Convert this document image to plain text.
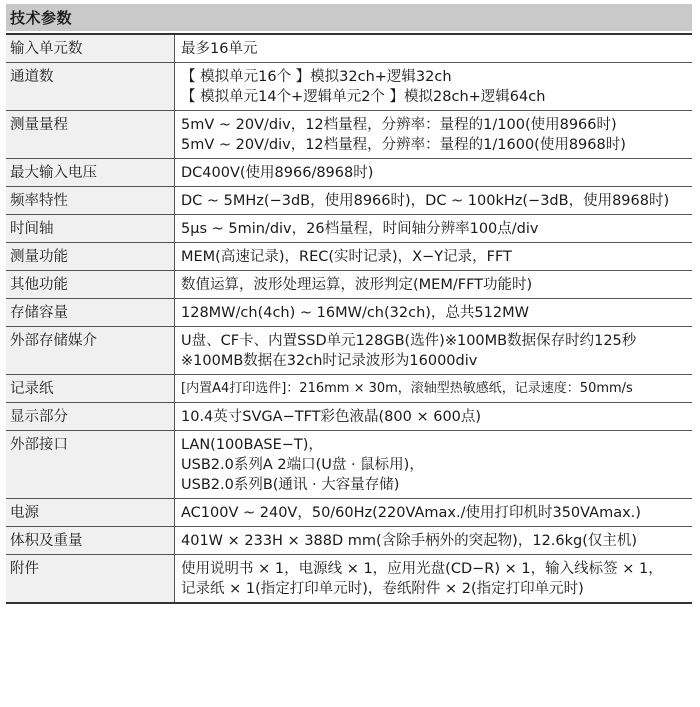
技术参数
输入单元数	最多16单元

通道数	【 模拟单元16个 】模拟32ch+逻辑32ch
【 模拟单元14个+逻辑单元2个 】模拟28ch+逻辑64ch

测量量程	5mV ~ 20V/div，12档量程，分辨率：量程的1/100(使用8966时)
5mV ~ 20V/div，12档量程，分辨率：量程的1/1600(使用8968时)

最大输入电压	DC400V(使用8966/8968时)

频率特性	DC ~ 5MHz(−3dB，使用8966时)，DC ~ 100kHz(−3dB，使用8968时)

时间轴	5μs ~ 5min/div，26档量程，时间轴分辨率100点/div

测量功能	MEM(高速记录)，REC(实时记录)，X−Y记录，FFT

其他功能	数值运算，波形处理运算，波形判定(MEM/FFT功能时)

存储容量	128MW/ch(4ch) ~ 16MW/ch(32ch)，总共512MW

外部存储媒介	U盘、CF卡、内置SSD单元128GB(选件)※100MB数据保存时约125秒
※100MB数据在32ch时记录波形为16000div

记录纸	[内置A4打印选件]：216mm × 30m，滚轴型热敏感纸，记录速度：50mm/s

显示部分	10.4英寸SVGA−TFT彩色液晶(800 × 600点)

外部接口	LAN(100BASE−T)，
USB2.0系列A 2端口(U盘 · 鼠标用)，
USB2.0系列B(通讯 · 大容量存储)

电源	AC100V ~ 240V，50/60Hz(220VAmax./使用打印机时350VAmax.)

体积及重量	401W × 233H × 388D mm(含除手柄外的突起物)，12.6kg(仅主机)

附件	使用说明书 × 1，电源线 × 1，应用光盘(CD−R) × 1，输入线标签 × 1，
记录纸 × 1(指定打印单元时)，卷纸附件 × 2(指定打印单元时)
